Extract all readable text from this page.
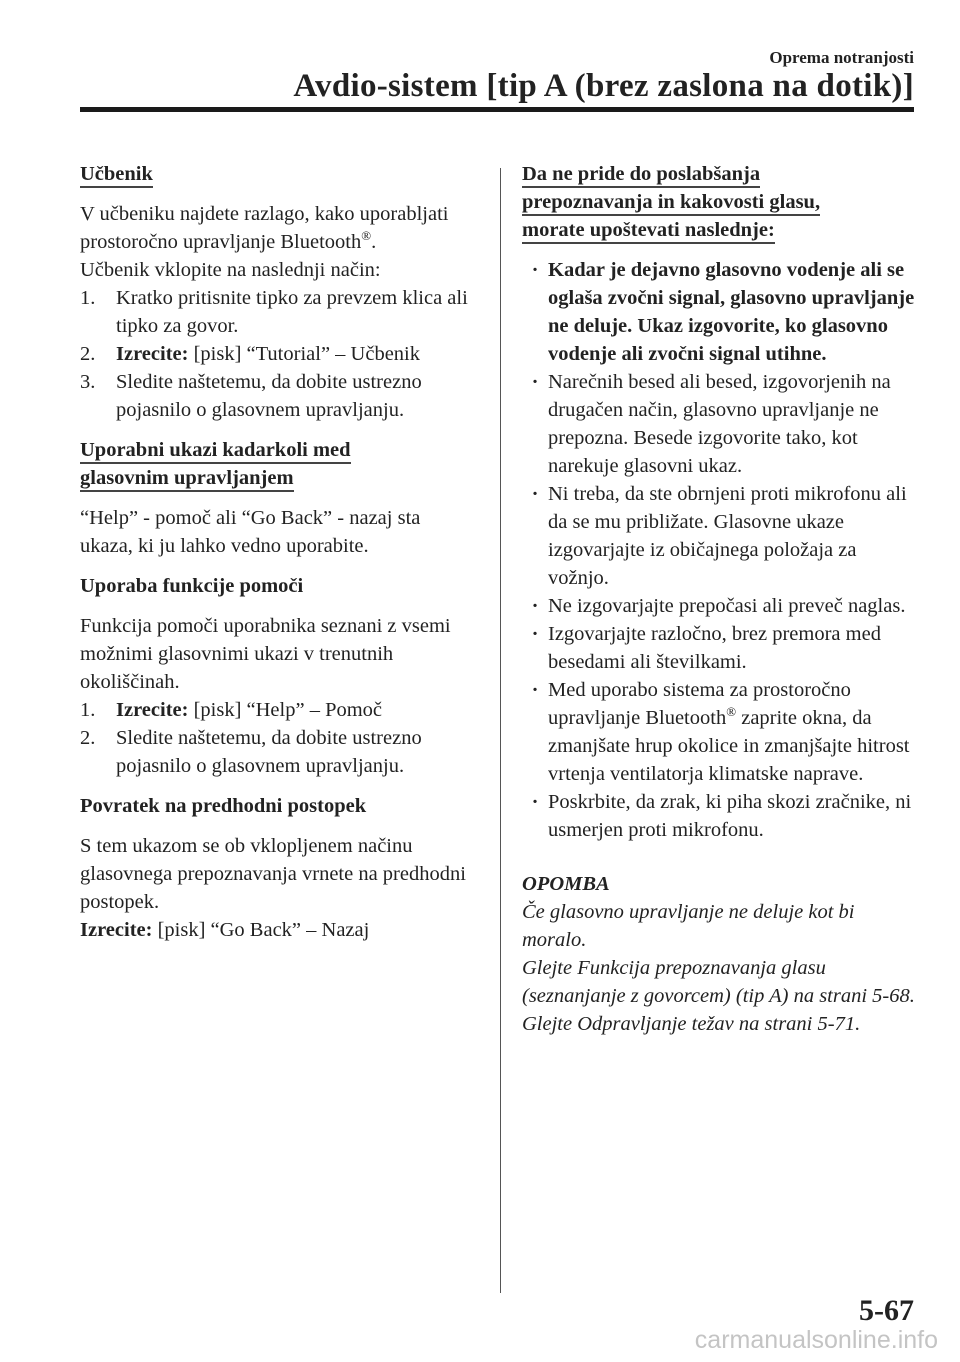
Oprema notranjosti
Avdio-sistem [tip A (brez zaslona na dotik)]

Učbenik

V učbeniku najdete razlago, kako uporabljati prostoročno upravljanje Bluetooth®.

Učbenik vklopite na naslednji način:

1.	Kratko pritisnite tipko za prevzem klica ali tipko za govor.
2.	Izrecite: [pisk] “Tutorial” – Učbenik
3.	Sledite naštetemu, da dobite ustrezno pojasnilo o glasovnem upravljanju.

Uporabni ukazi kadarkoli med

glasovnim upravljanjem

“Help” - pomoč ali “Go Back” - nazaj sta ukaza, ki ju lahko vedno uporabite.

Uporaba funkcije pomoči

Funkcija pomoči uporabnika seznani z vsemi možnimi glasovnimi ukazi v trenutnih okoliščinah.

1.	Izrecite: [pisk] “Help” – Pomoč
2.	Sledite naštetemu, da dobite ustrezno pojasnilo o glasovnem upravljanju.

Povratek na predhodni postopek

S tem ukazom se ob vklopljenem načinu glasovnega prepoznavanja vrnete na predhodni postopek.

Izrecite: [pisk] “Go Back” – Nazaj

Da ne pride do poslabšanja

prepoznavanja in kakovosti glasu,

morate upoštevati naslednje:

· Kadar je dejavno glasovno vodenje ali se oglaša zvočni signal, glasovno upravljanje ne deluje. Ukaz izgovorite, ko glasovno vodenje ali zvočni signal utihne.
· Narečnih besed ali besed, izgovorjenih na drugačen način, glasovno upravljanje ne prepozna. Besede izgovorite tako, kot narekuje glasovni ukaz.
· Ni treba, da ste obrnjeni proti mikrofonu ali da se mu približate. Glasovne ukaze izgovarjajte iz običajnega položaja za vožnjo.
· Ne izgovarjajte prepočasi ali preveč naglas.
· Izgovarjajte razločno, brez premora med besedami ali številkami.
· Med uporabo sistema za prostoročno upravljanje Bluetooth® zaprite okna, da zmanjšate hrup okolice in zmanjšajte hitrost vrtenja ventilatorja klimatske naprave.
· Poskrbite, da zrak, ki piha skozi zračnike, ni usmerjen proti mikrofonu.

OPOMBA

Če glasovno upravljanje ne deluje kot bi moralo.

Glejte Funkcija prepoznavanja glasu (seznanjanje z govorcem) (tip A) na strani 5-68.

Glejte Odpravljanje težav na strani 5-71.

5-67
carmanualsonline.info
